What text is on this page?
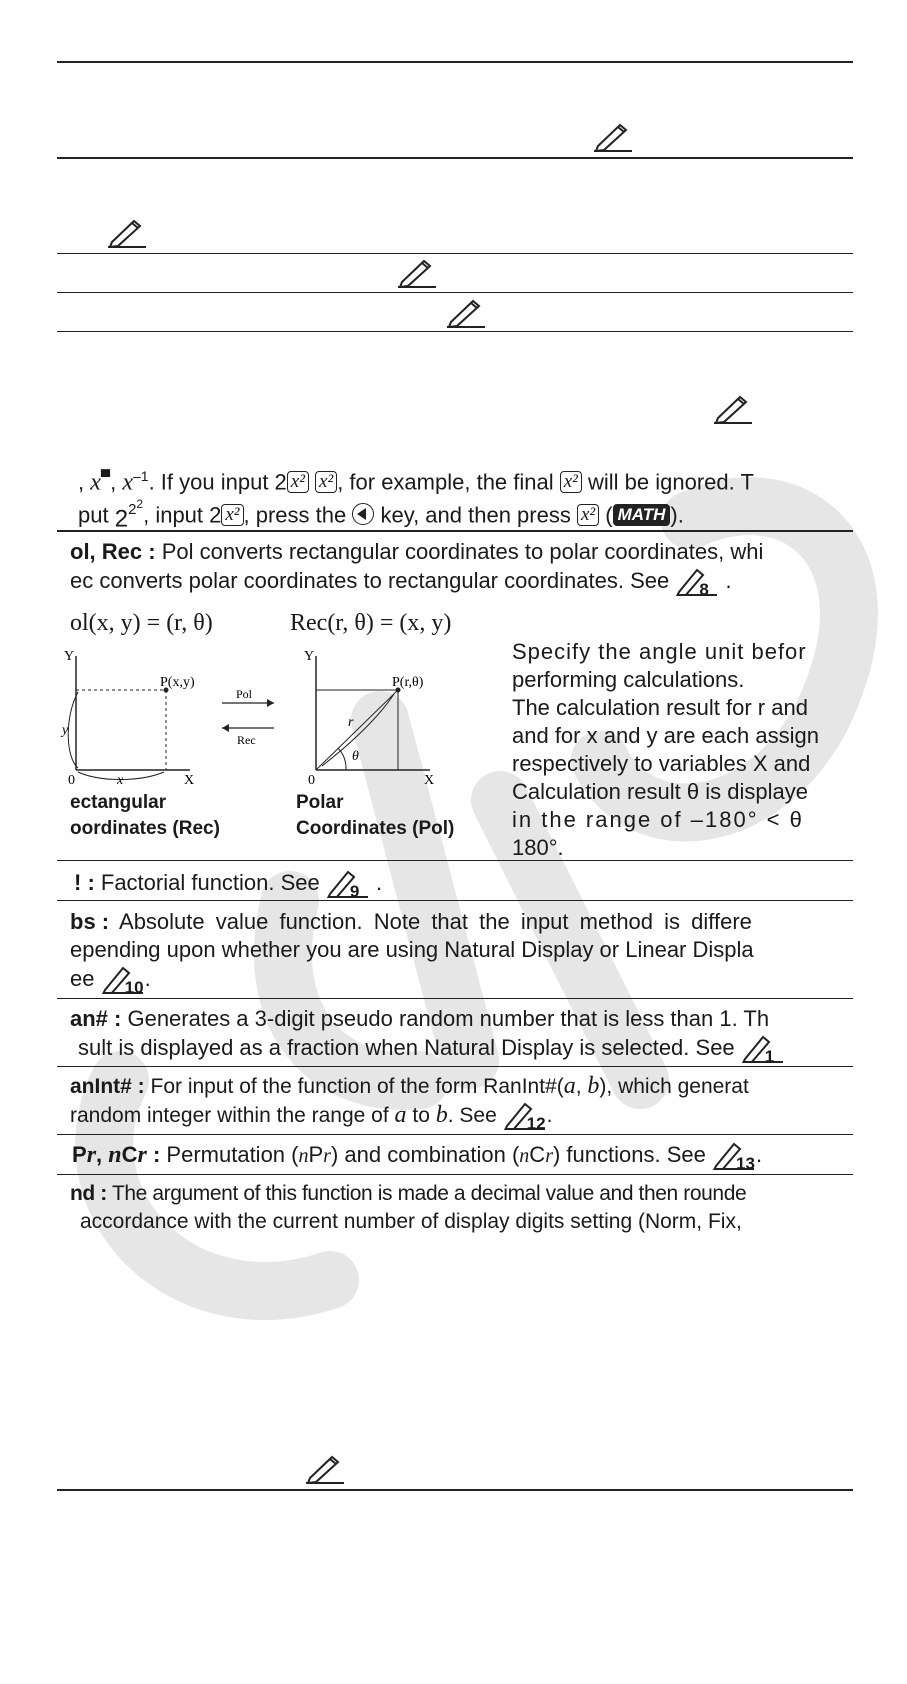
, x▀, $x^{-1}$. If you input 2 x² x² , for example, the final x² will be ignored. T
put $2^{2^2}$, input 2 x² , press the  key, and then press x² ( MATH ).
ol, Rec : Pol converts rectangular coordinates to polar coordinates, whi
ec converts polar coordinates to rectangular coordinates. See 8 .
ol(x, y) = (r, θ)	Rec(r, θ) = (x, y)
Y
X
0
P(x,y)
y
x
Pol
Rec
Y
X
0
P(r,θ)
r
θ
ectangular
oordinates (Rec)
Polar
Coordinates (Pol)
Specify the angle unit befor
performing calculations.
The calculation result for r and
and for x and y are each assign
respectively to variables X and
Calculation result θ is displaye
in the range of –180° < θ
180°.
! : Factorial function. See 9 .
bs : Absolute value function. Note that the input method is differe
epending upon whether you are using Natural Display or Linear Displa
ee 10 .
an# : Generates a 3-digit pseudo random number that is less than 1. Th
sult is displayed as a fraction when Natural Display is selected. See 1
anInt# : For input of the function of the form RanInt#(a, b), which generat
random integer within the range of a to b. See 12 .
Pr, nCr : Permutation (nPr) and combination (nCr) functions. See 13 .
nd : The argument of this function is made a decimal value and then rounde
accordance with the current number of display digits setting (Norm, Fix,
